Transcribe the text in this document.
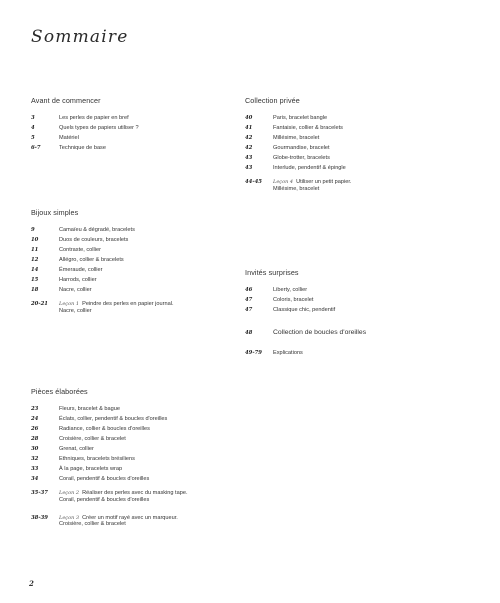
Sommaire
Avant de commencer
3	Les perles de papier en bref
4	Quels types de papiers utiliser ?
5	Matériel
6-7	Technique de base
Bijoux simples
9	Camaïeu & dégradé, bracelets
10	Duos de couleurs, bracelets
11	Contraste, collier
12	Allégro, collier & bracelets
14	Émeraude, collier
15	Harrods, collier
18	Nacre, collier
20-21	Leçon 1 Peindre des perles en papier journal.
Nacre, collier
Pièces élaborées
23	Fleurs, bracelet & bague
24	Éclats, collier, pendentif & boucles d'oreilles
26	Radiance, collier & boucles d'oreilles
28	Croisière, collier & bracelet
30	Grenat, collier
32	Ethniques, bracelets brésiliens
33	À la page, bracelets wrap
34	Corail, pendentif & boucles d'oreilles
35-37	Leçon 2 Réaliser des perles avec du masking tape.
Corail, pendentif & boucles d'oreilles
38-39	Leçon 3 Créer un motif rayé avec un marqueur.
Croisière, collier & bracelet
Collection privée
40	Paris, bracelet bangle
41	Fantaisie, collier & bracelets
42	Millésime, bracelet
42	Gourmandise, bracelet
43	Globe-trotter, bracelets
43	Interlude, pendentif & épingle
44-45	Leçon 4 Utiliser un petit papier.
Millésime, bracelet
Invités surprises
46	Liberty, collier
47	Coloris, bracelet
47	Classique chic, pendentif
48	Collection de boucles d'oreilles
49-79	Explications
2
